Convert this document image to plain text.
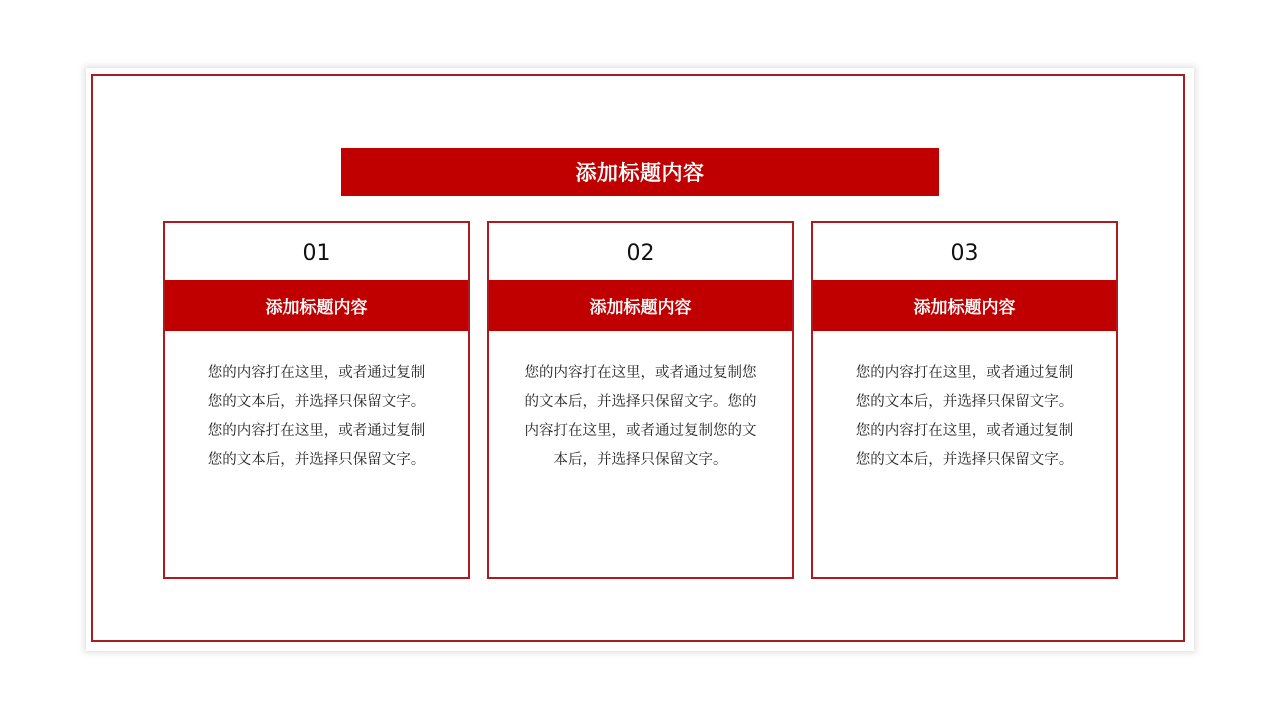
添加标题内容
01
添加标题内容
您的内容打在这里，或者通过复制您的文本后，并选择只保留文字。您的内容打在这里，或者通过复制您的文本后，并选择只保留文字。
02
添加标题内容
您的内容打在这里，或者通过复制您的文本后，并选择只保留文字。您的内容打在这里，或者通过复制您的文本后，并选择只保留文字。
03
添加标题内容
您的内容打在这里，或者通过复制您的文本后，并选择只保留文字。您的内容打在这里，或者通过复制您的文本后，并选择只保留文字。
